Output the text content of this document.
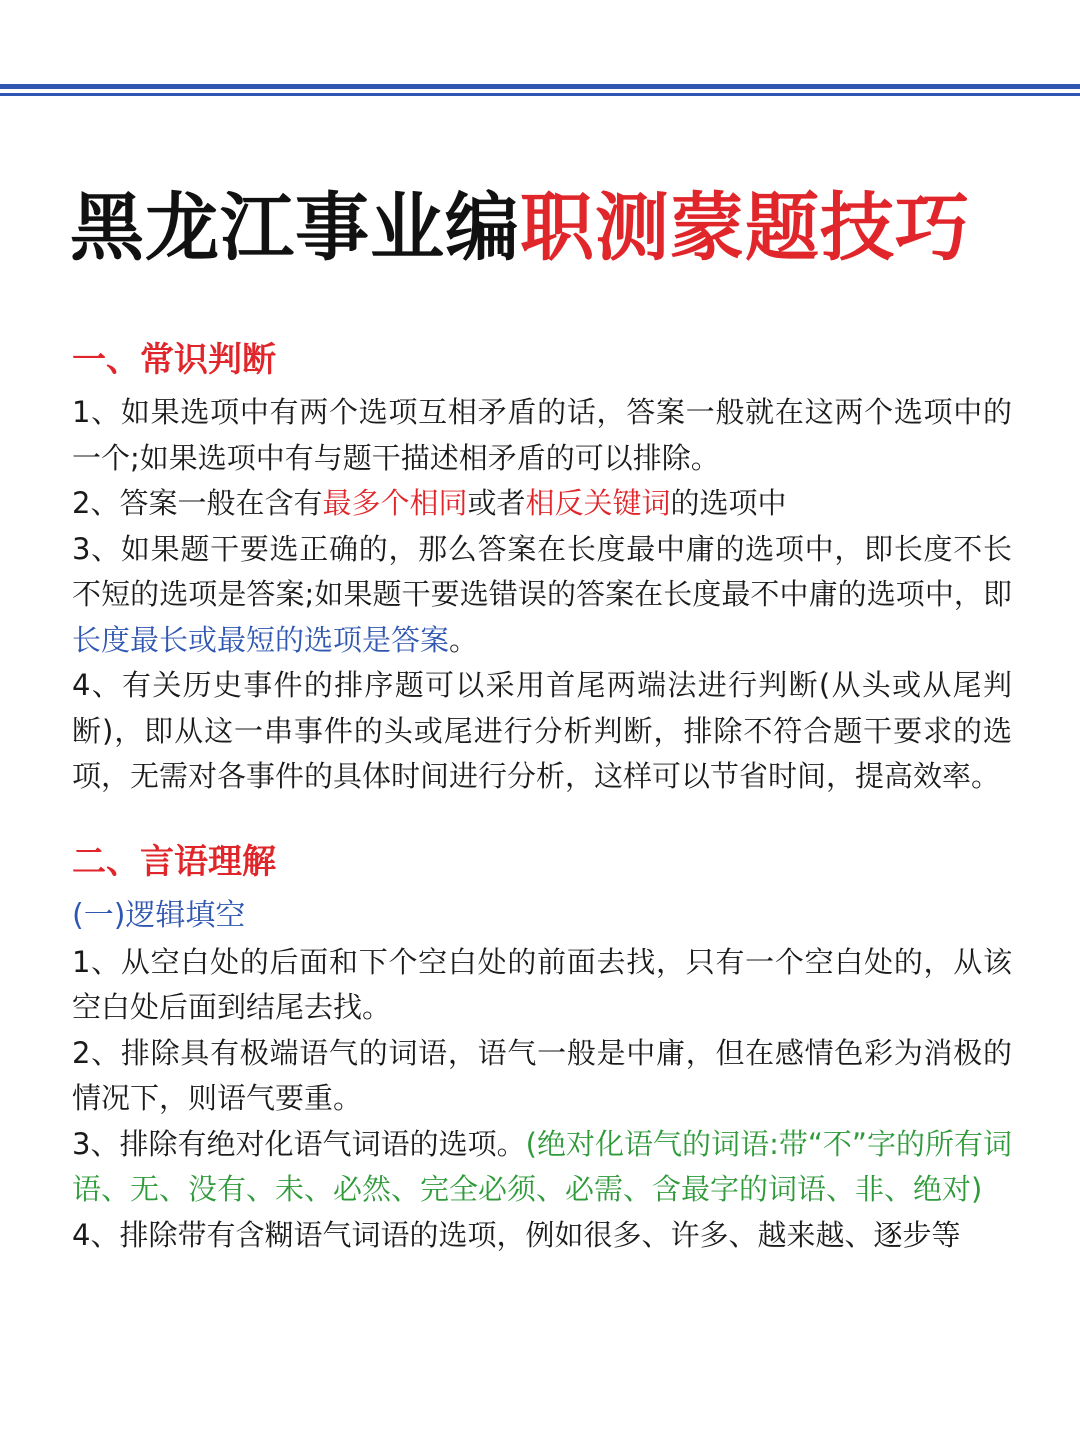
黑龙江事业编职测蒙题技巧
一、常识判断

1、如果选项中有两个选项互相矛盾的话，答案一般就在这两个选项中的一个;如果选项中有与题干描述相矛盾的可以排除。

2、答案一般在含有最多个相同或者相反关键词的选项中

3、如果题干要选正确的，那么答案在长度最中庸的选项中，即长度不长不短的选项是答案;如果题干要选错误的答案在长度最不中庸的选项中，即长度最长或最短的选项是答案。

4、有关历史事件的排序题可以采用首尾两端法进行判断(从头或从尾判断)，即从这一串事件的头或尾进行分析判断，排除不符合题干要求的选项，无需对各事件的具体时间进行分析，这样可以节省时间，提高效率。

二、言语理解
(一)逻辑填空

1、从空白处的后面和下个空白处的前面去找，只有一个空白处的，从该空白处后面到结尾去找。

2、排除具有极端语气的词语，语气一般是中庸，但在感情色彩为消极的情况下，则语气要重。

3、排除有绝对化语气词语的选项。(绝对化语气的词语:带“不”字的所有词语、无、没有、未、必然、完全必须、必需、含最字的词语、非、绝对)

4、排除带有含糊语气词语的选项，例如很多、许多、越来越、逐步等
